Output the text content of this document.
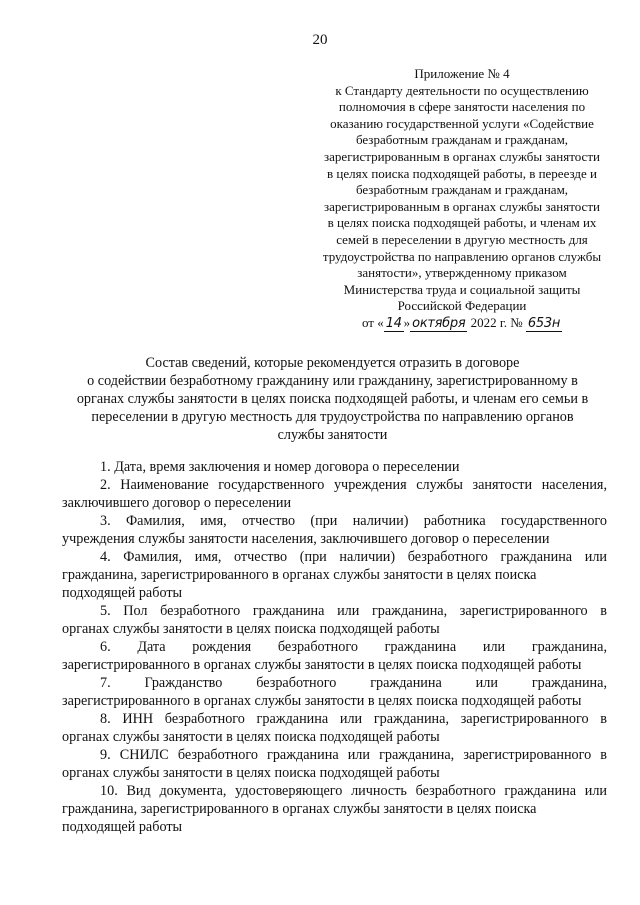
20
Приложение № 4
к Стандарту деятельности по осуществлению
полномочия в сфере занятости населения по
оказанию государственной услуги «Содействие
безработным гражданам и гражданам,
зарегистрированным в органах службы занятости
в целях поиска подходящей работы, в переезде и
безработным гражданам и гражданам,
зарегистрированным в органах службы занятости
в целях поиска подходящей работы, и членам их
семей в переселении в другую местность для
трудоустройства по направлению органов службы
занятости», утвержденному приказом
Министерства труда и социальной защиты
Российской Федерации
от « 14 » октября 2022 г. № 653н
Состав сведений, которые рекомендуется отразить в договоре
о содействии безработному гражданину или гражданину, зарегистрированному в
органах службы занятости в целях поиска подходящей работы, и членам его семьи в
переселении в другую местность для трудоустройства по направлению органов
службы занятости
1. Дата, время заключения и номер договора о переселении
2. Наименование государственного учреждения службы занятости населения,
заключившего договор о переселении
3. Фамилия, имя, отчество (при наличии) работника государственного
учреждения службы занятости населения, заключившего договор о переселении
4. Фамилия, имя, отчество (при наличии) безработного гражданина или
гражданина, зарегистрированного в органах службы занятости в целях поиска подходящей работы
5. Пол безработного гражданина или гражданина, зарегистрированного в
органах службы занятости в целях поиска подходящей работы
6. Дата рождения безработного гражданина или гражданина,
зарегистрированного в органах службы занятости в целях поиска подходящей работы
7. Гражданство безработного гражданина или гражданина,
зарегистрированного в органах службы занятости в целях поиска подходящей работы
8. ИНН безработного гражданина или гражданина, зарегистрированного в
органах службы занятости в целях поиска подходящей работы
9. СНИЛС безработного гражданина или гражданина, зарегистрированного в
органах службы занятости в целях поиска подходящей работы
10. Вид документа, удостоверяющего личность безработного гражданина или
гражданина, зарегистрированного в органах службы занятости в целях поиска подходящей работы
